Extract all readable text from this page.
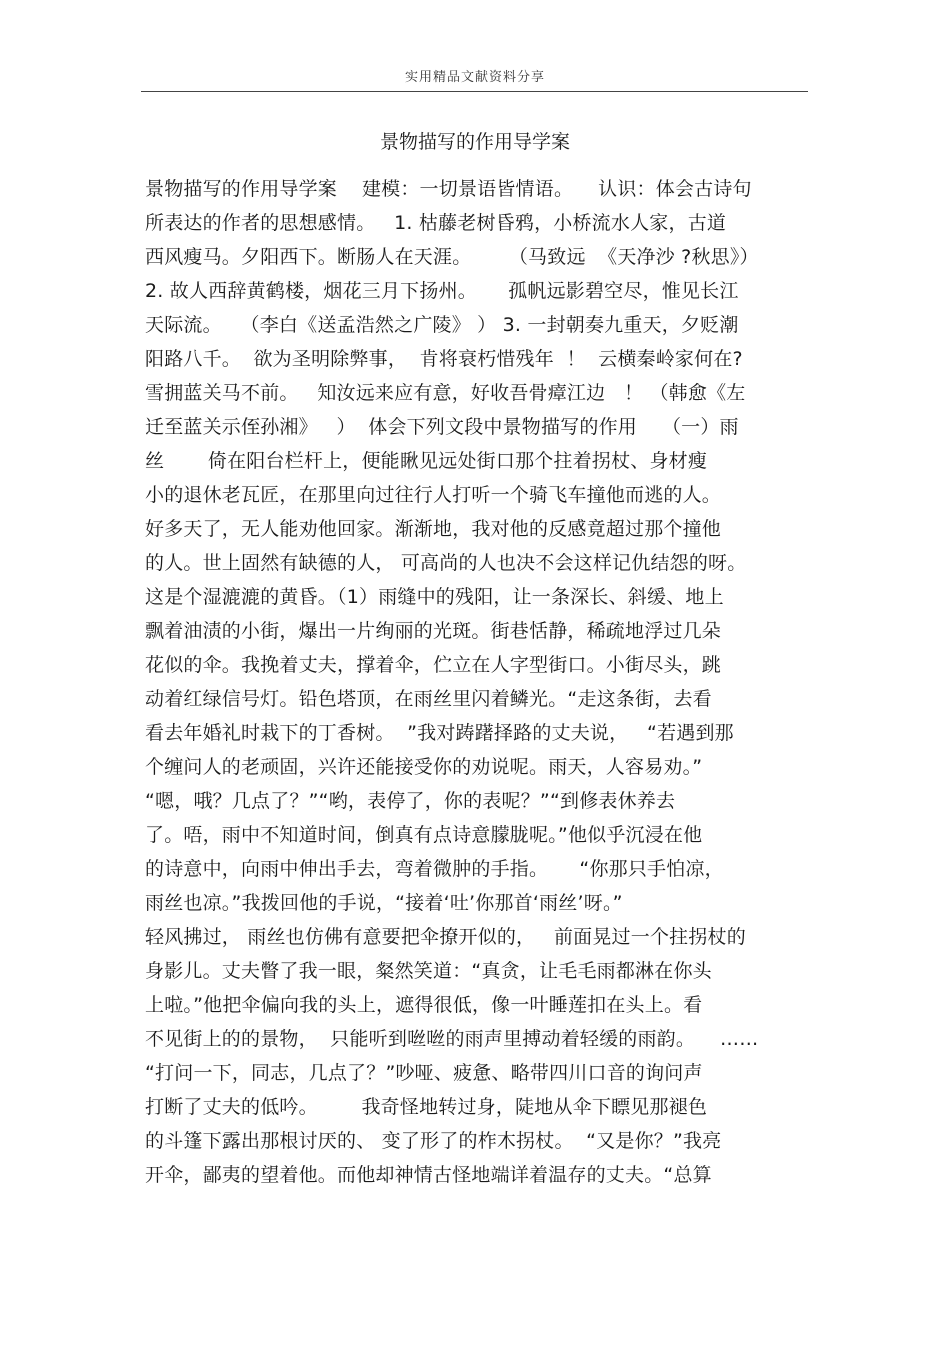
实用精品文献资料分享
景物描写的作用导学案
景物描写的作用导学案    建模：一切景语皆情语。    认识：体会古诗句
所表达的作者的思想感情。   1. 枯藤老树昏鸦，小桥流水人家，古道
西风瘦马。夕阳西下。断肠人在天涯。      （马致远  《天净沙 ?秋思》）
2. 故人西辞黄鹤楼，烟花三月下扬州。     孤帆远影碧空尽，惟见长江
天际流。   （李白《送孟浩然之广陵》 ） 3. 一封朝奏九重天，夕贬潮
阳路八千。  欲为圣明除弊事，  肯将衰朽惜残年  ！  云横秦岭家何在?
雪拥蓝关马不前。   知汝远来应有意，好收吾骨瘴江边   ！ （韩愈《左
迁至蓝关示侄孙湘》   ）  体会下列文段中景物描写的作用    （一）雨
丝       倚在阳台栏杆上，便能瞅见远处街口那个拄着拐杖、身材瘦
小的退休老瓦匠，在那里向过往行人打听一个骑飞车撞他而逃的人。
好多天了，无人能劝他回家。渐渐地，我对他的反感竟超过那个撞他
的人。世上固然有缺德的人， 可高尚的人也决不会这样记仇结怨的呀。
这是个湿漉漉的黄昏。（1）雨缝中的残阳，让一条深长、斜缓、地上
飘着油渍的小街，爆出一片绚丽的光斑。街巷恬静，稀疏地浮过几朵
花似的伞。我挽着丈夫，撑着伞，伫立在人字型街口。小街尽头，跳
动着红绿信号灯。铅色塔顶，在雨丝里闪着鳞光。“走这条街，去看
看去年婚礼时栽下的丁香树。  ”我对踌躇择路的丈夫说，   “若遇到那
个缠问人的老顽固，兴许还能接受你的劝说呢。雨天，人容易劝。”
“嗯，哦？几点了？”“哟，表停了，你的表呢？”“到修表休养去
了。唔，雨中不知道时间，倒真有点诗意朦胧呢。”他似乎沉浸在他
的诗意中，向雨中伸出手去，弯着微肿的手指。     “你那只手怕凉，
雨丝也凉。”我拨回他的手说，“接着‘吐’你那首‘雨丝’呀。”
轻风拂过， 雨丝也仿佛有意要把伞撩开似的，   前面晃过一个拄拐杖的
身影儿。丈夫瞥了我一眼，粲然笑道：“真贪，让毛毛雨都淋在你头
上啦。”他把伞偏向我的头上，遮得很低，像一叶睡莲扣在头上。看
不见街上的的景物，  只能听到咝咝的雨声里搏动着轻缓的雨韵。    ……
“打问一下，同志，几点了？”吵哑、疲惫、略带四川口音的询问声
打断了丈夫的低吟。       我奇怪地转过身，陡地从伞下瞟见那褪色
的斗篷下露出那根讨厌的、 变了形了的柞木拐杖。  “又是你？”我亮
开伞，鄙夷的望着他。而他却神情古怪地端详着温存的丈夫。“总算
